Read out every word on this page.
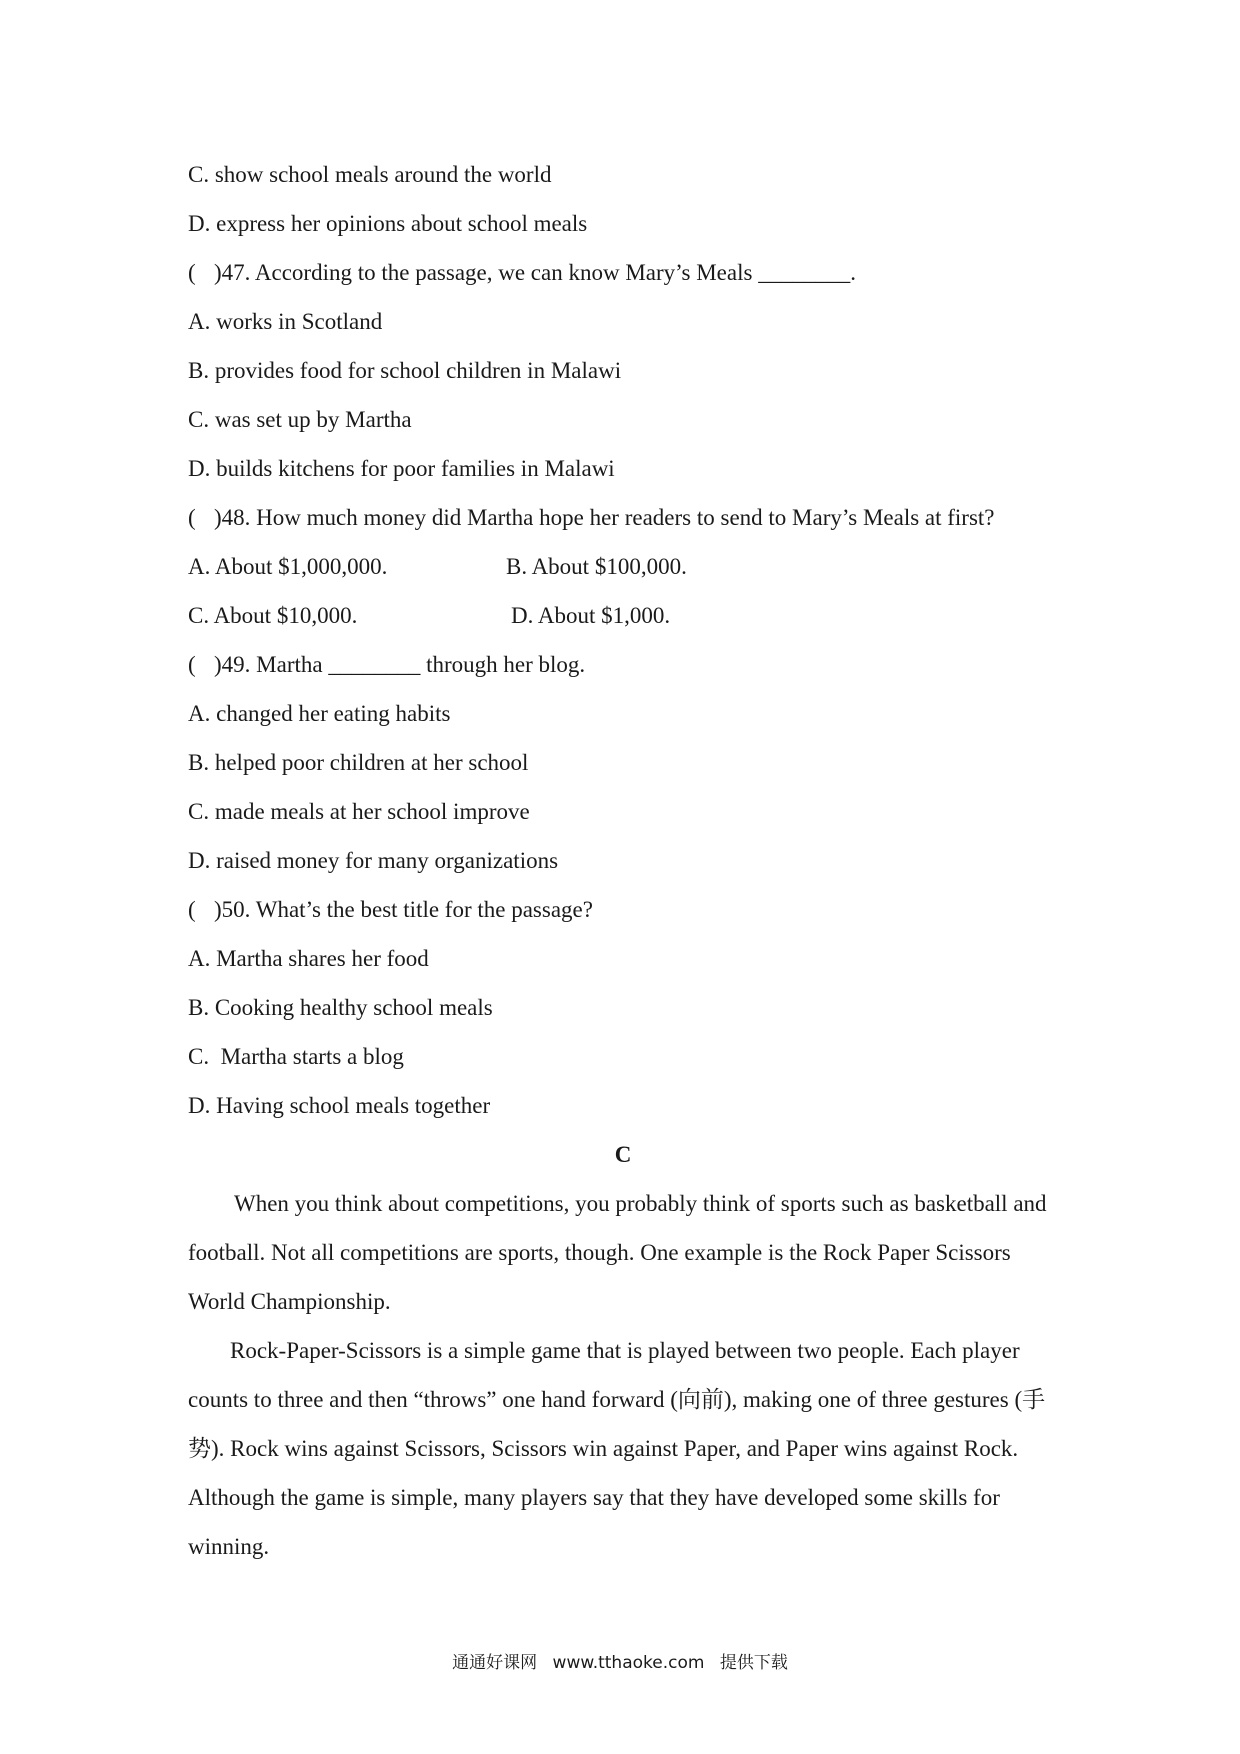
C. show school meals around the world

D. express her opinions about school meals

( )47. According to the passage, we can know Mary’s Meals ________.

A. works in Scotland

B. provides food for school children in Malawi

C. was set up by Martha

D. builds kitchens for poor families in Malawi

( )48. How much money did Martha hope her readers to send to Mary’s Meals at first?

A. About $1,000,000.	B. About $100,000.
C. About $10,000.	D. About $1,000.

( )49. Martha ________ through her blog.

A. changed her eating habits

B. helped poor children at her school

C. made meals at her school improve

D. raised money for many organizations

( )50. What’s the best title for the passage?

A. Martha shares her food

B. Cooking healthy school meals

C.  Martha starts a blog

D. Having school meals together

C

When you think about competitions, you probably think of sports such as basketball and football. Not all competitions are sports, though. One example is the Rock Paper Scissors World Championship.

Rock-Paper-Scissors is a simple game that is played between two people. Each player counts to three and then “throws” one hand forward (向前), making one of three gestures (手势). Rock wins against Scissors, Scissors win against Paper, and Paper wins against Rock. Although the game is simple, many players say that they have developed some skills for winning.

通通好课网 www.tthaoke.com 提供下载
